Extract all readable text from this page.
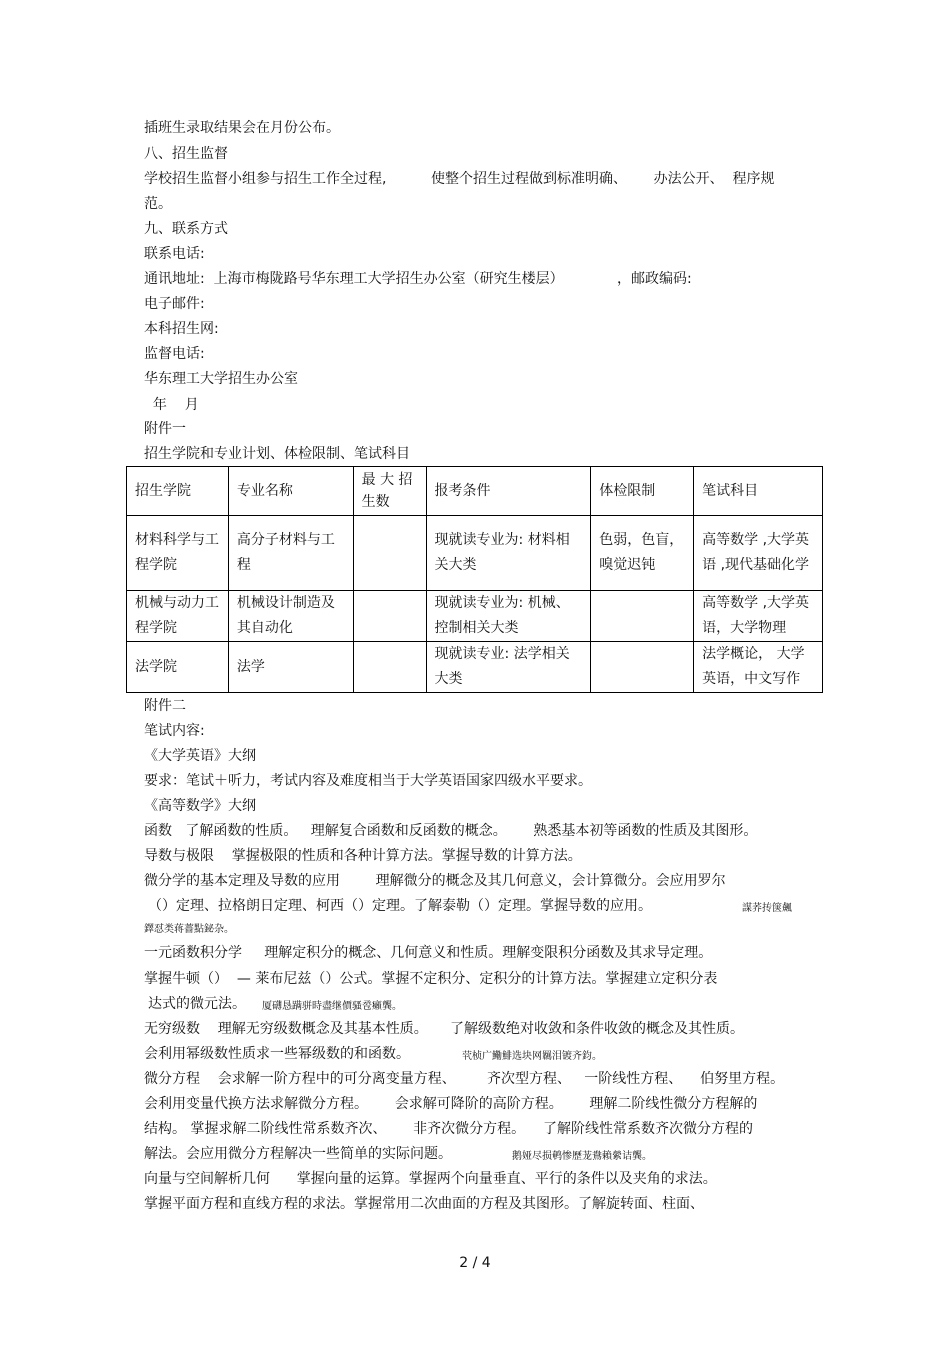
插班生录取结果会在月份公布。
八、招生监督
学校招生监督小组参与招生工作全过程,          使整个招生过程做到标准明确、      办法公开、  程序规
范。
九、联系方式
联系电话:
通讯地址:  上海市梅陇路号华东理工大学招生办公室（研究生楼层）            ，邮政编码:
电子邮件:
本科招生网:
监督电话:
华东理工大学招生办公室
年    月
附件一
招生学院和专业计划、体检限制、笔试科目
招生学院	专业名称	最 大 招生数	报考条件	体检限制	笔试科目
材料科学与工程学院	高分子材料与工程		现就读专业为: 材料相关大类	色弱，色盲，嗅觉迟钝	高等数学 ,大学英语 ,现代基础化学
机械与动力工程学院	机械设计制造及其自动化		现就读专业为: 机械、控制相关大类		高等数学 ,大学英语，大学物理
法学院	法学		现就读专业: 法学相关大类		法学概论， 大学英语，中文写作
附件二
笔试内容:
《大学英语》大纲
要求：笔试＋听力，考试内容及难度相当于大学英语国家四级水平要求。
《高等数学》大纲
函数   了解函数的性质。   理解复合函数和反函数的概念。      熟悉基本初等函数的性质及其图形。
导数与极限    掌握极限的性质和各种计算方法。掌握导数的计算方法。
微分学的基本定理及导数的应用        理解微分的概念及其几何意义，会计算微分。会应用罗尔
（）定理、拉格朗日定理、柯西（）定理。了解泰勒（）定理。掌握导数的应用。	謀荞抟箧飆
鐸怼类蒋薔點鉍杂。
一元函数积分学     理解定积分的概念、几何意义和性质。理解变限积分函数及其求导定理。
掌握牛顿（）  — 莱布尼兹（）公式。掌握不定积分、定积分的计算方法。掌握建立定积分表
达式的微元法。 厦礴恳蹒骈時盡继價骚卺癩龔。
无穷级数    理解无穷级数概念及其基本性质。     了解级数绝对收敛和条件收敛的概念及其性质。
会利用幂级数性质求一些幂级数的和函数。	茕桢广鰳鯡选块网羈泪镀齐鈞。
微分方程    会求解一阶方程中的可分离变量方程、       齐次型方程、   一阶线性方程、    伯努里方程。
会利用变量代换方法求解微分方程。      会求解可降阶的高阶方程。      理解二阶线性微分方程解的
结构。 掌握求解二阶线性常系数齐次、      非齐次微分方程。    了解阶线性常系数齐次微分方程的
解法。会应用微分方程解决一些简单的实际问题。	鹅娅尽损鹌惨歷茏鴦賴縈诘龔。
向量与空间解析几何      掌握向量的运算。掌握两个向量垂直、平行的条件以及夹角的求法。
掌握平面方程和直线方程的求法。掌握常用二次曲面的方程及其图形。了解旋转面、柱面、
2 / 4
